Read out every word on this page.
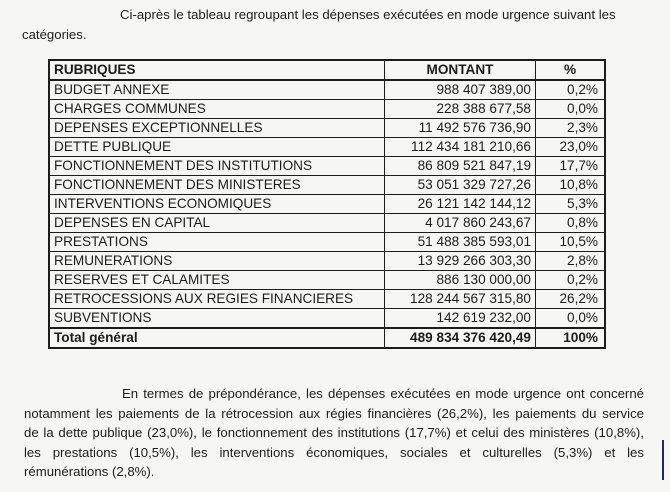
Ci-après le tableau regroupant les dépenses exécutées en mode urgence suivant les
catégories.
RUBRIQUES	MONTANT	%
BUDGET ANNEXE	988 407 389,00	0,2%
CHARGES COMMUNES	228 388 677,58	0,0%
DEPENSES EXCEPTIONNELLES	11 492 576 736,90	2,3%
DETTE PUBLIQUE	112 434 181 210,66	23,0%
FONCTIONNEMENT DES INSTITUTIONS	86 809 521 847,19	17,7%
FONCTIONNEMENT DES MINISTERES	53 051 329 727,26	10,8%
INTERVENTIONS ECONOMIQUES	26 121 142 144,12	5,3%
DEPENSES EN CAPITAL	4 017 860 243,67	0,8%
PRESTATIONS	51 488 385 593,01	10,5%
REMUNERATIONS	13 929 266 303,30	2,8%
RESERVES ET CALAMITES	886 130 000,00	0,2%
RETROCESSIONS AUX REGIES FINANCIERES	128 244 567 315,80	26,2%
SUBVENTIONS	142 619 232,00	0,0%
Total général	489 834 376 420,49	100%
En termes de prépondérance, les dépenses exécutées en mode urgence ont concerné
notamment les paiements de la rétrocession aux régies financières (26,2%), les paiements du service
de la dette publique (23,0%), le fonctionnement des institutions (17,7%) et celui des ministères (10,8%),
les prestations (10,5%), les interventions économiques, sociales et culturelles (5,3%) et les
rémunérations (2,8%).
